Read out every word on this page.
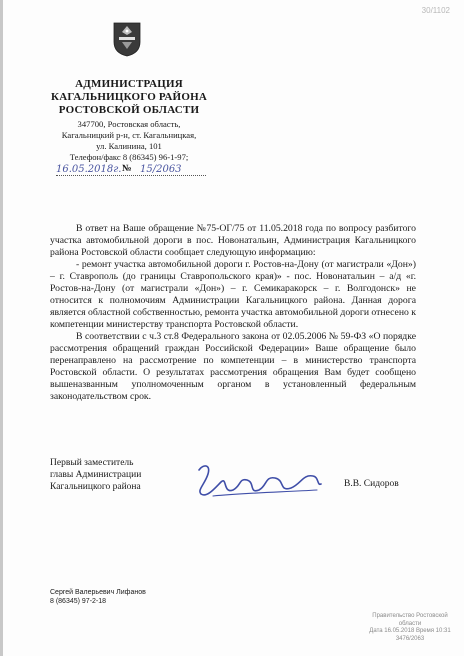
30/1102
АДМИНИСТРАЦИЯ
КАГАЛЬНИЦКОГО РАЙОНА
РОСТОВСКОЙ ОБЛАСТИ
347700, Ростовская область,
Кагальницкий р-н, ст. Кагальницкая,
ул. Калинина, 101
Телефон/факс 8 (86345) 96-1-97;
16.05.2018г. № 15/2063

В ответ на Ваше обращение №75-ОГ/75 от 11.05.2018 года по вопросу разбитого участка автомобильной дороги в пос. Новонатальин, Администрация Кагальницкого района Ростовской области сообщает следующую информацию:

- ремонт участка автомобильной дороги г. Ростов-на-Дону (от магистрали «Дон») – г. Ставрополь (до границы Ставропольского края)» - пос. Новонатальин – а/д «г. Ростов-на-Дону (от магистрали «Дон») – г. Семикаракорск – г. Волгодонск» не относится к полномочиям Администрации Кагальницкого района. Данная дорога является областной собственностью, ремонта участка автомобильной дороги отнесено к компетенции министерству транспорта Ростовской области.

В соответствии с ч.3 ст.8 Федерального закона от 02.05.2006 № 59-ФЗ «О порядке рассмотрения обращений граждан Российской Федерации» Ваше обращение было перенаправлено на рассмотрение по компетенции – в министерство транспорта Ростовской области. О результатах рассмотрения обращения Вам будет сообщено вышеназванным уполномоченным органом в установленный федеральным законодательством срок.

Первый заместитель
главы Администрации
Кагальницкого района	В.В. Сидоров
Сергей Валерьевич Лифанов
8 (86345) 97-2-18
Правительство Ростовской
области
Дата 16.05.2018 Время 10:31
3476/2063
